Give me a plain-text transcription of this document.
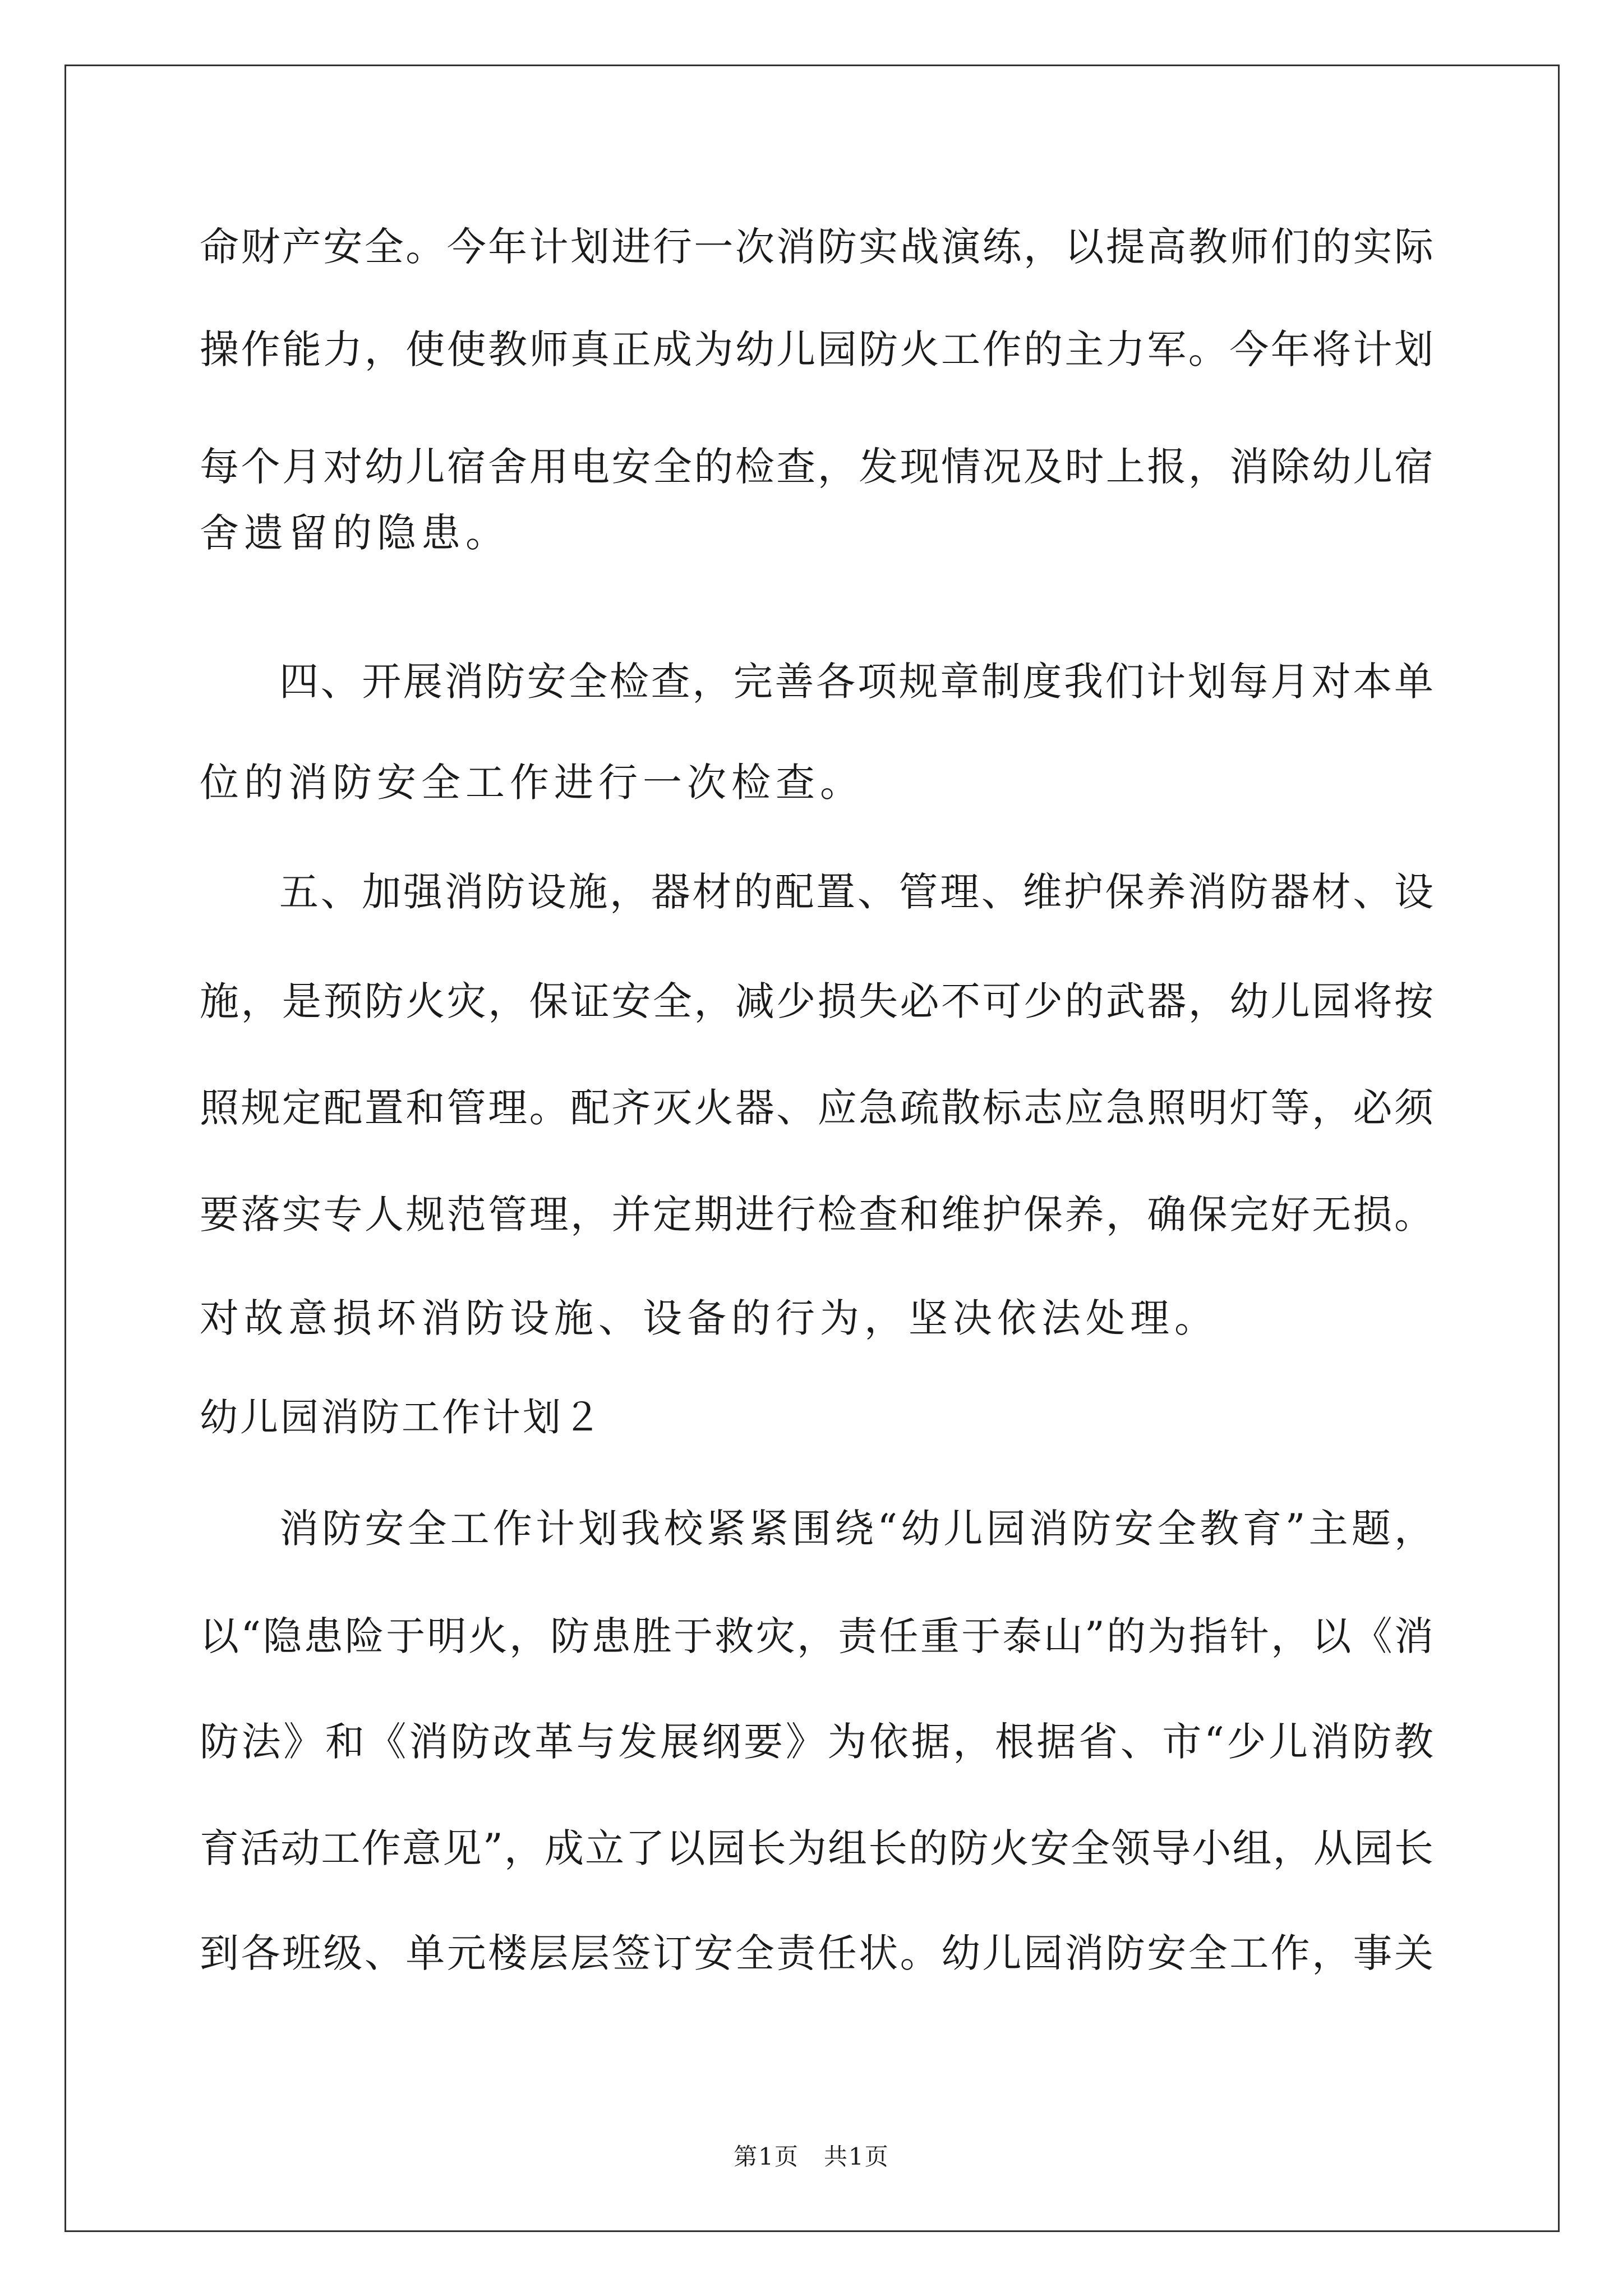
命财产安全。今年计划进行一次消防实战演练，以提高教师们的实际
操作能力，使使教师真正成为幼儿园防火工作的主力军。今年将计划
每个月对幼儿宿舍用电安全的检查，发现情况及时上报，消除幼儿宿
舍遗留的隐患。
四、开展消防安全检查，完善各项规章制度我们计划每月对本单
位的消防安全工作进行一次检查。
五、加强消防设施，器材的配置、管理、维护保养消防器材、设
施，是预防火灾，保证安全，减少损失必不可少的武器，幼儿园将按
照规定配置和管理。配齐灭火器、应急疏散标志应急照明灯等，必须
要落实专人规范管理，并定期进行检查和维护保养，确保完好无损。
对故意损坏消防设施、设备的行为，坚决依法处理。
幼儿园消防工作计划２
消防安全工作计划我校紧紧围绕“幼儿园消防安全教育”主题，
以“隐患险于明火，防患胜于救灾，责任重于泰山”的为指针，以《消
防法》和《消防改革与发展纲要》为依据，根据省、市“少儿消防教
育活动工作意见”，成立了以园长为组长的防火安全领导小组，从园长
到各班级、单元楼层层签订安全责任状。幼儿园消防安全工作，事关
第1页　共1页
